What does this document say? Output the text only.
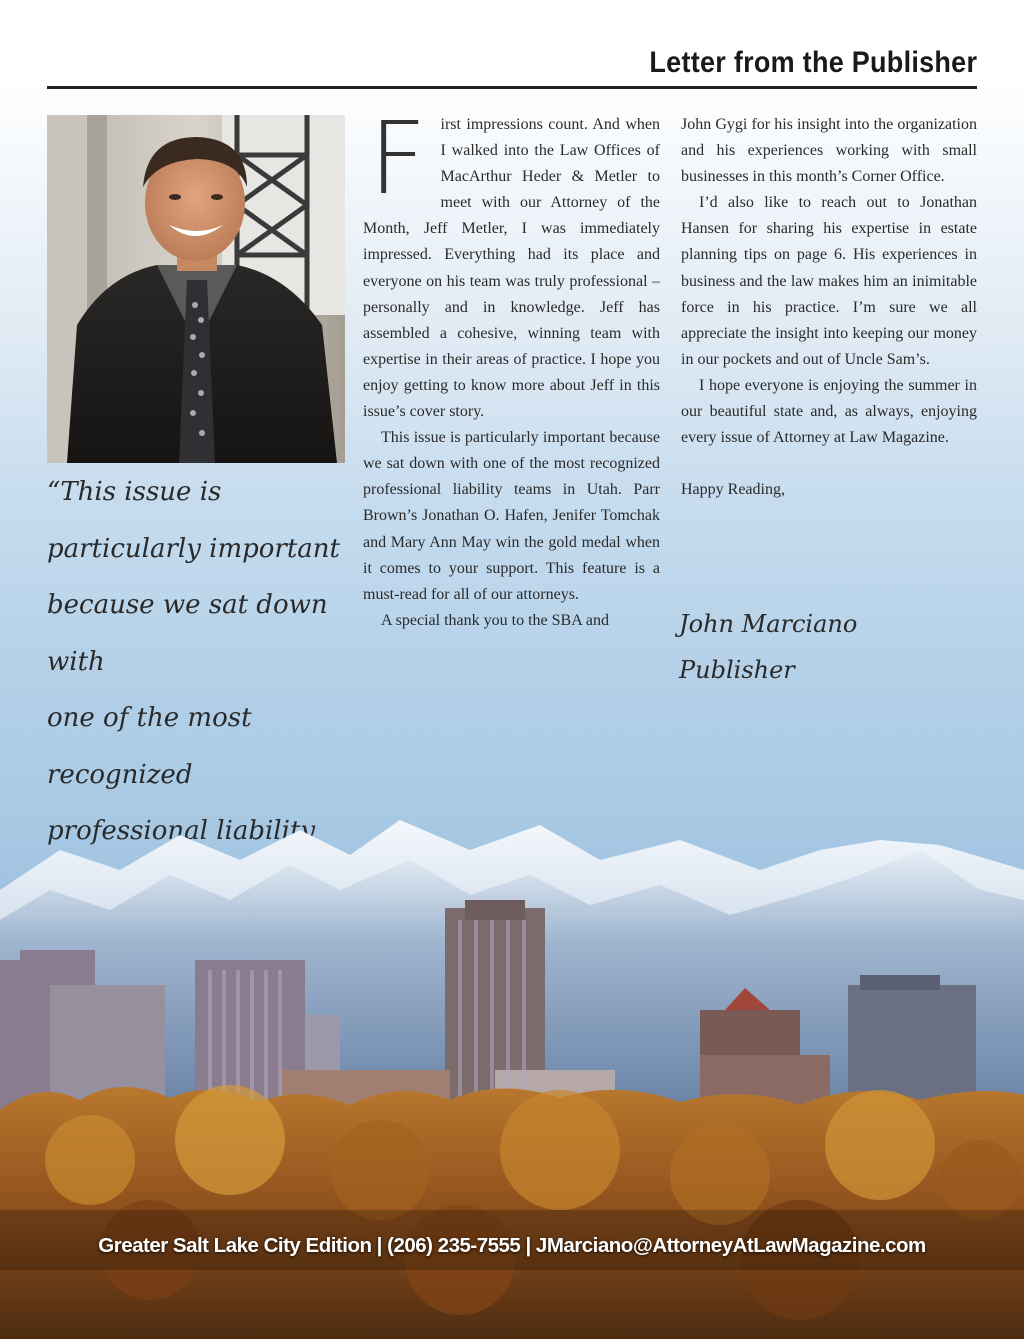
Letter from the Publisher
“This issue is
particularly important
because we sat down with
one of the most recognized
professional liability
F irst impressions count. And when I walked into the Law Offices of MacArthur Heder & Metler to meet with our Attorney of the Month, Jeff Metler, I was immediately impressed. Everything had its place and everyone on his team was truly professional – personally and in knowledge. Jeff has assembled a cohesive, winning team with expertise in their areas of practice. I hope you enjoy getting to know more about Jeff in this issue’s cover story.

This issue is particularly important because we sat down with one of the most recognized professional liability teams in Utah. Parr Brown’s Jonathan O. Hafen, Jenifer Tomchak and Mary Ann May win the gold medal when it comes to your support. This feature is a must-read for all of our attorneys.

A special thank you to the SBA and

John Gygi for his insight into the organization and his experiences working with small businesses in this month’s Corner Office.

I’d also like to reach out to Jonathan Hansen for sharing his expertise in estate planning tips on page 6. His experiences in business and the law makes him an inimitable force in his practice. I’m sure we all appreciate the insight into keeping our money in our pockets and out of Uncle Sam’s.

I hope everyone is enjoying the summer in our beautiful state and, as always, enjoying every issue of Attorney at Law Magazine.

Happy Reading,

John Marciano
Publisher
Greater Salt Lake City Edition | (206) 235-7555 | JMarciano@AttorneyAtLawMagazine.com
